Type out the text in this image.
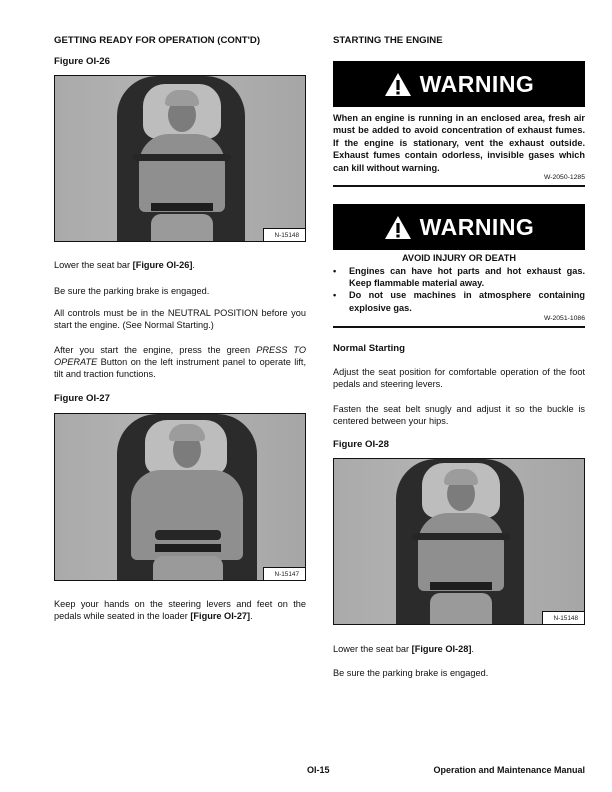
GETTING READY FOR OPERATION (CONT'D)
Figure OI-26
N-15148
Lower the seat bar [Figure OI-26].
Be sure the parking brake is engaged.
All controls must be in the NEUTRAL POSITION before you start the engine. (See Normal Starting.)
After you start the engine, press the green PRESS TO OPERATE Button on the left instrument panel to operate lift, tilt and traction functions.
Figure OI-27
N-15147
Keep your hands on the steering levers and feet on the pedals while seated in the loader [Figure OI-27].
STARTING THE ENGINE
WARNING
When an engine is running in an enclosed area, fresh air must be added to avoid concentration of exhaust fumes. If the engine is stationary, vent the exhaust outside. Exhaust fumes contain odorless, invisible gases which can kill without warning.
W-2050-1285
WARNING
AVOID INJURY OR DEATH
•	Engines can have hot parts and hot exhaust gas. Keep flammable material away.
•	Do not use machines in atmosphere containing explosive gas.
W-2051-1086
Normal Starting
Adjust the seat position for comfortable operation of the foot pedals and steering levers.
Fasten the seat belt snugly and adjust it so the buckle is centered between your hips.
Figure OI-28
N-15148
Lower the seat bar [Figure OI-28].
Be sure the parking brake is engaged.
OI-15	Operation and Maintenance Manual
